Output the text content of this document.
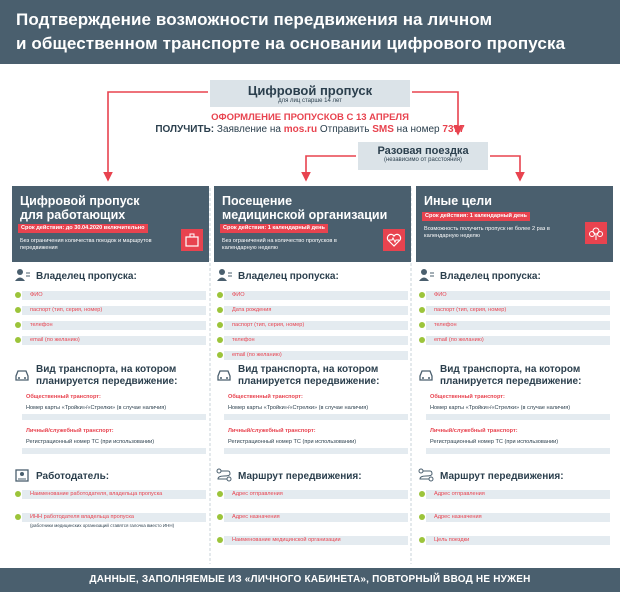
Подтверждение возможности передвижения на личном
и общественном транспорте на основании цифрового пропуска
Цифровой пропуск
для лиц старше 14 лет
ОФОРМЛЕНИЕ ПРОПУСКОВ С 13 АПРЕЛЯ
ПОЛУЧИТЬ: Заявление на mos.ru Отправить SMS на номер 7377
Разовая поездка
(независимо от расстояния)
Цифровой пропуск
для работающих
Срок действия: до 30.04.2020 включительно
Без ограничения количества поездок и маршрутов передвижения
Посещение
медицинской организации
Срок действия: 1 календарный день
Без ограничений на количество пропусков в календарную неделю
Иные цели
Срок действия: 1 календарный день
Возможность получить пропуск не более 2 раз в календарную неделю
Владелец пропуска:
ФИО
паспорт (тип, серия, номер)
телефон
email (по желанию)
Вид транспорта, на котором
планируется передвижение:
Общественный транспорт:
Номер карты «Тройки»/«Стрелки» (в случае наличия)
Личный/служебный транспорт:
Регистрационный номер ТС (при использовании)
Работодатель:
Наименование работодателя, владельца пропуска
ИНН работодателя владельца пропуска
(работники медицинских организаций ставятся галочка вместо ИНН)
Владелец пропуска:
ФИО
Дата рождения
паспорт (тип, серия, номер)
телефон
email (по желанию)
Вид транспорта, на котором
планируется передвижение:
Общественный транспорт:
Номер карты «Тройки»/«Стрелки» (в случае наличия)
Личный/служебный транспорт:
Регистрационный номер ТС (при использовании)
Маршрут передвижения:
Адрес отправления
Адрес назначения
Наименование медицинской организации
Владелец пропуска:
ФИО
паспорт (тип, серия, номер)
телефон
email (по желанию)
Вид транспорта, на котором
планируется передвижение:
Общественный транспорт:
Номер карты «Тройки»/«Стрелки» (в случае наличия)
Личный/служебный транспорт:
Регистрационный номер ТС (при использовании)
Маршрут передвижения:
Адрес отправления
Адрес назначения
Цель поездки
ДАННЫЕ, ЗАПОЛНЯЕМЫЕ ИЗ «ЛИЧНОГО КАБИНЕТА», ПОВТОРНЫЙ ВВОД НЕ НУЖЕН
